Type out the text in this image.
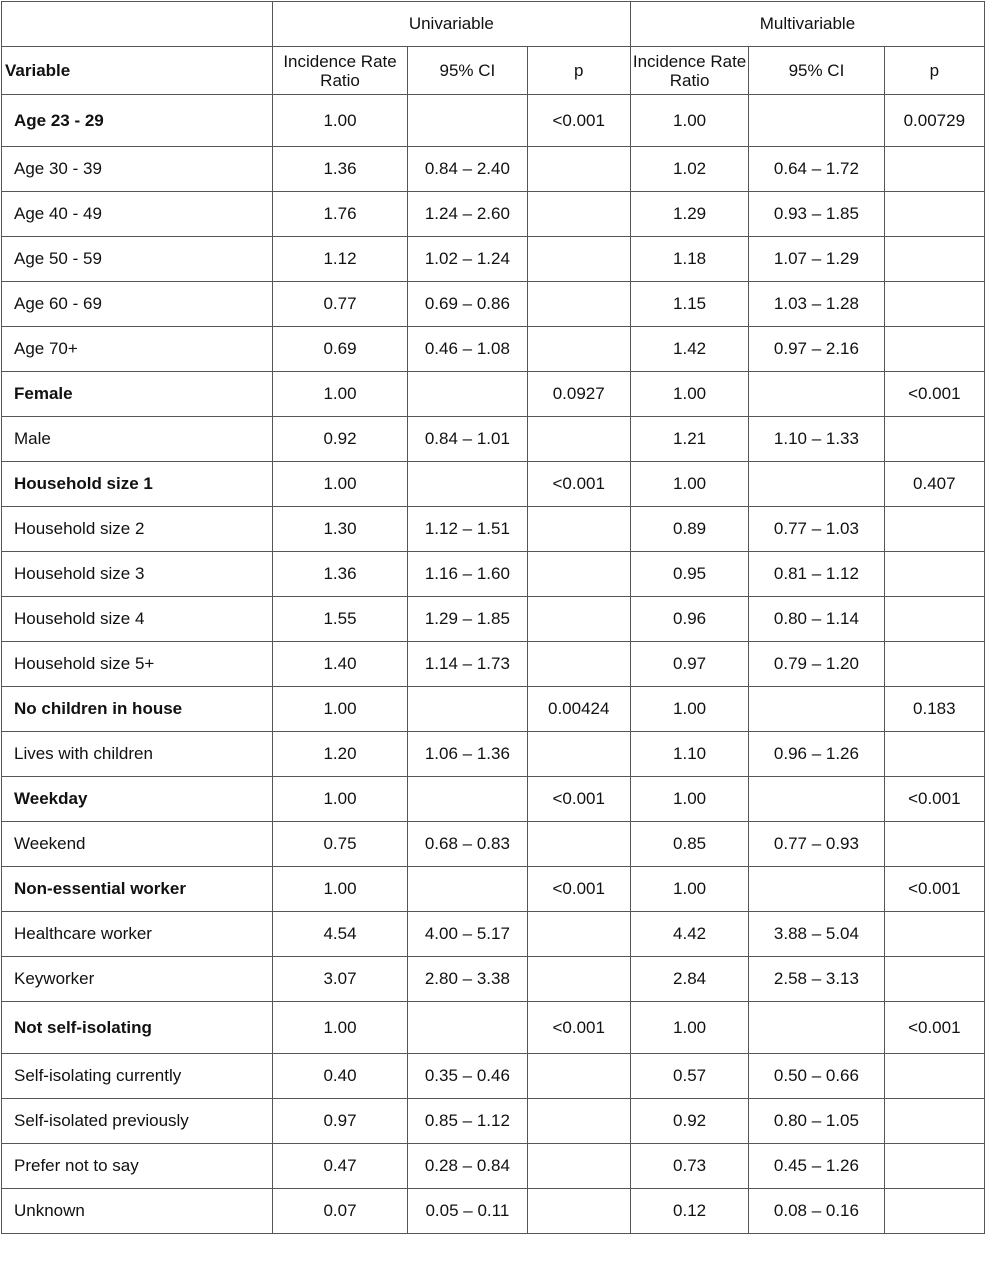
	Univariable			Multivariable		
Variable	Incidence Rate Ratio	95% CI	p	Incidence Rate Ratio	95% CI	p
Age 23 - 29	1.00		<0.001	1.00		0.00729
Age 30 - 39	1.36	0.84 – 2.40		1.02	0.64 – 1.72	
Age 40 - 49	1.76	1.24 – 2.60		1.29	0.93 – 1.85	
Age 50 - 59	1.12	1.02 – 1.24		1.18	1.07 – 1.29	
Age 60 - 69	0.77	0.69 – 0.86		1.15	1.03 – 1.28	
Age 70+	0.69	0.46 – 1.08		1.42	0.97 – 2.16	
Female	1.00		0.0927	1.00		<0.001
Male	0.92	0.84 – 1.01		1.21	1.10 – 1.33	
Household size 1	1.00		<0.001	1.00		0.407
Household size 2	1.30	1.12 – 1.51		0.89	0.77 – 1.03	
Household size 3	1.36	1.16 – 1.60		0.95	0.81 – 1.12	
Household size 4	1.55	1.29 – 1.85		0.96	0.80 – 1.14	
Household size 5+	1.40	1.14 – 1.73		0.97	0.79 – 1.20	
No children in house	1.00		0.00424	1.00		0.183
Lives with children	1.20	1.06 – 1.36		1.10	0.96 – 1.26	
Weekday	1.00		<0.001	1.00		<0.001
Weekend	0.75	0.68 – 0.83		0.85	0.77 – 0.93	
Non-essential worker	1.00		<0.001	1.00		<0.001
Healthcare worker	4.54	4.00 – 5.17		4.42	3.88 – 5.04	
Keyworker	3.07	2.80 – 3.38		2.84	2.58 – 3.13	
Not self-isolating	1.00		<0.001	1.00		<0.001
Self-isolating currently	0.40	0.35 – 0.46		0.57	0.50 – 0.66	
Self-isolated previously	0.97	0.85 – 1.12		0.92	0.80 – 1.05	
Prefer not to say	0.47	0.28 – 0.84		0.73	0.45 – 1.26	
Unknown	0.07	0.05 – 0.11		0.12	0.08 – 0.16	
